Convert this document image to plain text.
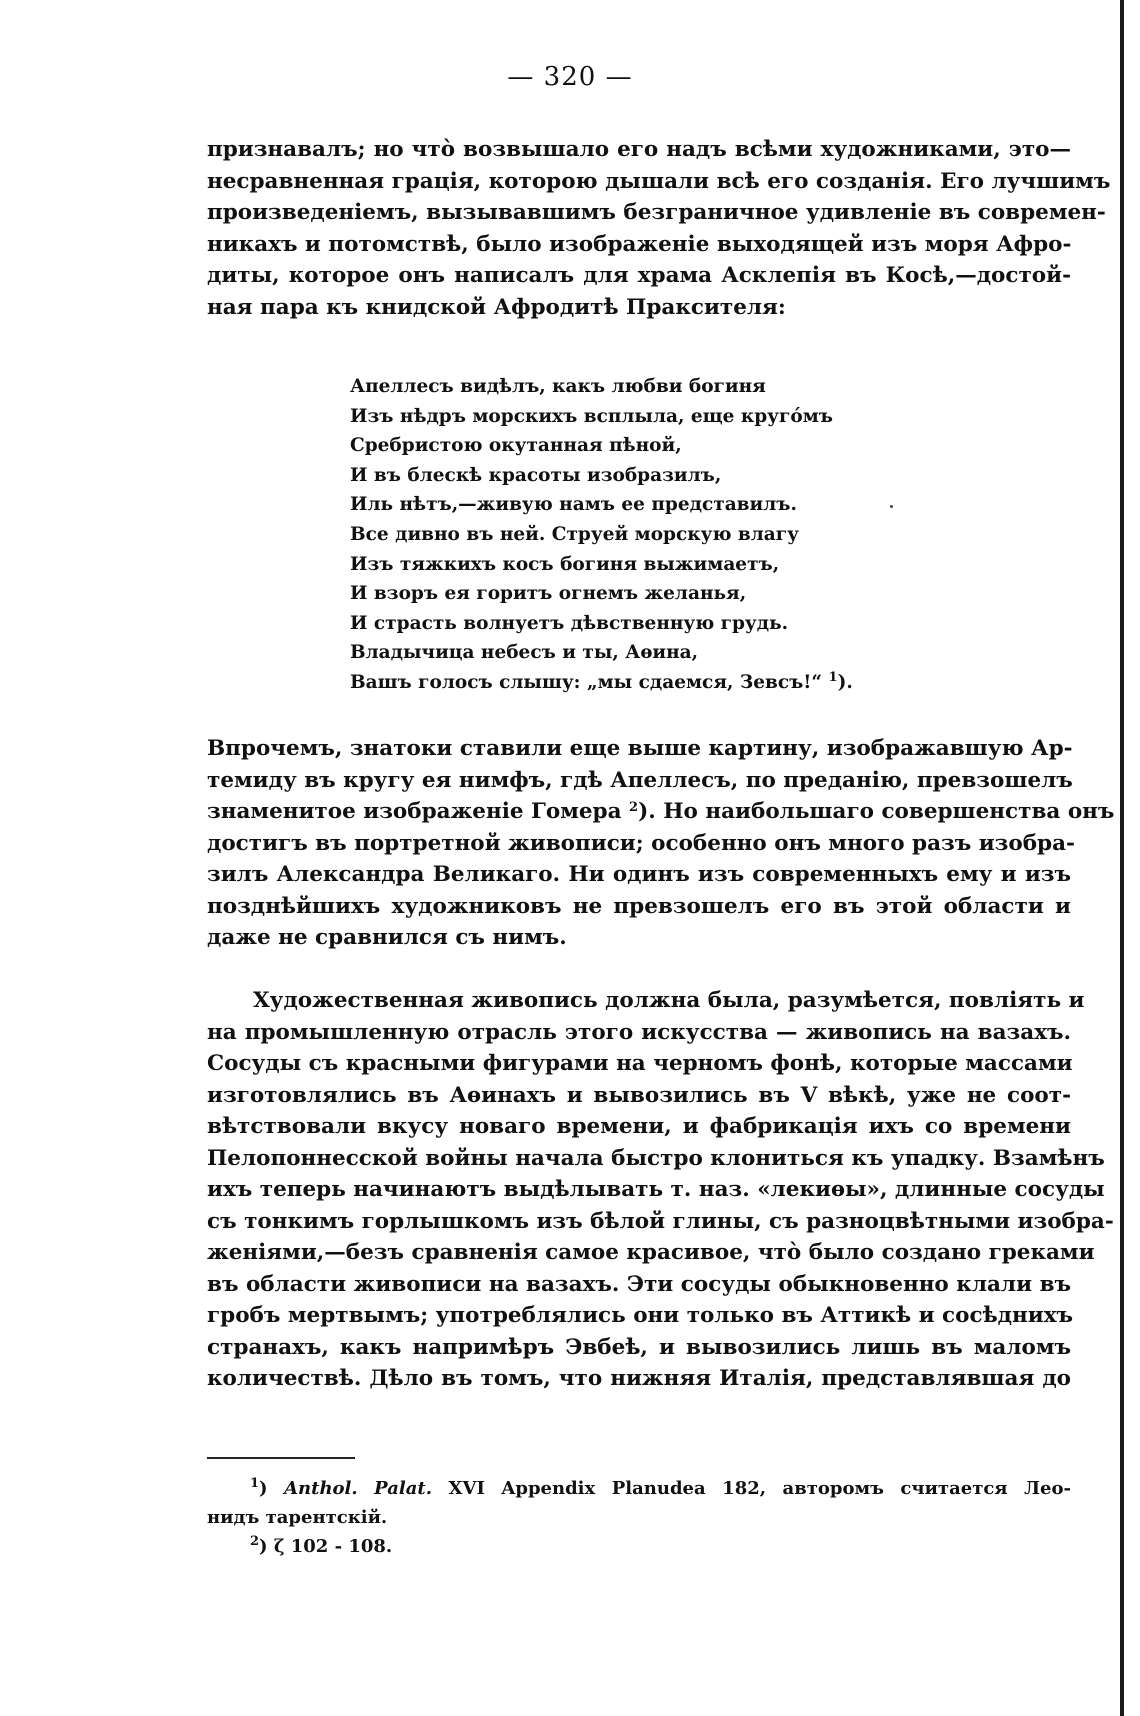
— 320 —
признавалъ; но что̀ возвышало его надъ всѣми художниками, это—
несравненная грація, которою дышали всѣ его созданія. Его лучшимъ
произведеніемъ, вызывавшимъ безграничное удивленіе въ современ-
никахъ и потомствѣ, было изображеніе выходящей изъ моря Афро-
диты, которое онъ написалъ для храма Асклепія въ Косѣ,—достой-
ная пара къ книдской Афродитѣ Праксителя:
Апеллесъ видѣлъ, какъ любви богиня
Изъ нѣдръ морскихъ всплыла, еще кругóмъ
Сребристою окутанная пѣной,
И въ блескѣ красоты изобразилъ,
Иль нѣтъ,—живую намъ ее представилъ.
Все дивно въ ней. Струей морскую влагу
Изъ тяжкихъ косъ богиня выжимаетъ,
И взоръ ея горитъ огнемъ желанья,
И страсть волнуетъ дѣвственную грудь.
Владычица небесъ и ты, Аѳина,
Вашъ голосъ слышу: „мы сдаемся, Зевсъ!“ $^1$).
Впрочемъ, знатоки ставили еще выше картину, изображавшую Ар-
темиду въ кругу ея нимфъ, гдѣ Апеллесъ, по преданію, превзошелъ
знаменитое изображеніе Гомера $^2$). Но наибольшаго совершенства онъ
достигъ въ портретной живописи; особенно онъ много разъ изобра-
зилъ Александра Великаго. Ни одинъ изъ современныхъ ему и изъ
позднѣйшихъ художниковъ не превзошелъ его въ этой области и
даже не сравнился съ нимъ.
Художественная живопись должна была, разумѣется, повліять и
на промышленную отрасль этого искусства — живопись на вазахъ.
Сосуды съ красными фигурами на черномъ фонѣ, которые массами
изготовлялись въ Аѳинахъ и вывозились въ V вѣкѣ, уже не соот-
вѣтствовали вкусу новаго времени, и фабрикація ихъ со времени
Пелопоннесской войны начала быстро клониться къ упадку. Взамѣнъ
ихъ теперь начинаютъ выдѣлывать т. наз. «лекиѳы», длинные сосуды
съ тонкимъ горлышкомъ изъ бѣлой глины, съ разноцвѣтными изобра-
женіями,—безъ сравненія самое красивое, что̀ было создано греками
въ области живописи на вазахъ. Эти сосуды обыкновенно клали въ
гробъ мертвымъ; употреблялись они только въ Аттикѣ и сосѣднихъ
странахъ, какъ напримѣръ Эвбеѣ, и вывозились лишь въ маломъ
количествѣ. Дѣло въ томъ, что нижняя Италія, представлявшая до
$^1$) Anthol. Palat. XVI Appendix Planudea 182, авторомъ считается Лео-
нидъ тарентскій.
$^2$) ζ 102 - 108.
